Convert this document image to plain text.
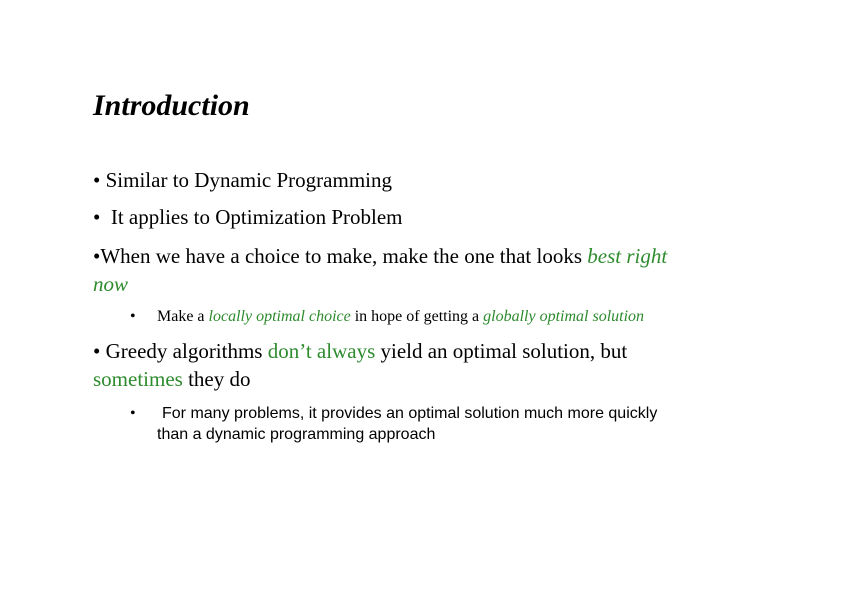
Introduction
• Similar to Dynamic Programming
• It applies to Optimization Problem
•When we have a choice to make, make the one that looks best right
now
•	Make a locally optimal choice in hope of getting a globally optimal solution
• Greedy algorithms don’t always yield an optimal solution, but
sometimes they do
•	For many problems, it provides an optimal solution much more quickly
than a dynamic programming approach
